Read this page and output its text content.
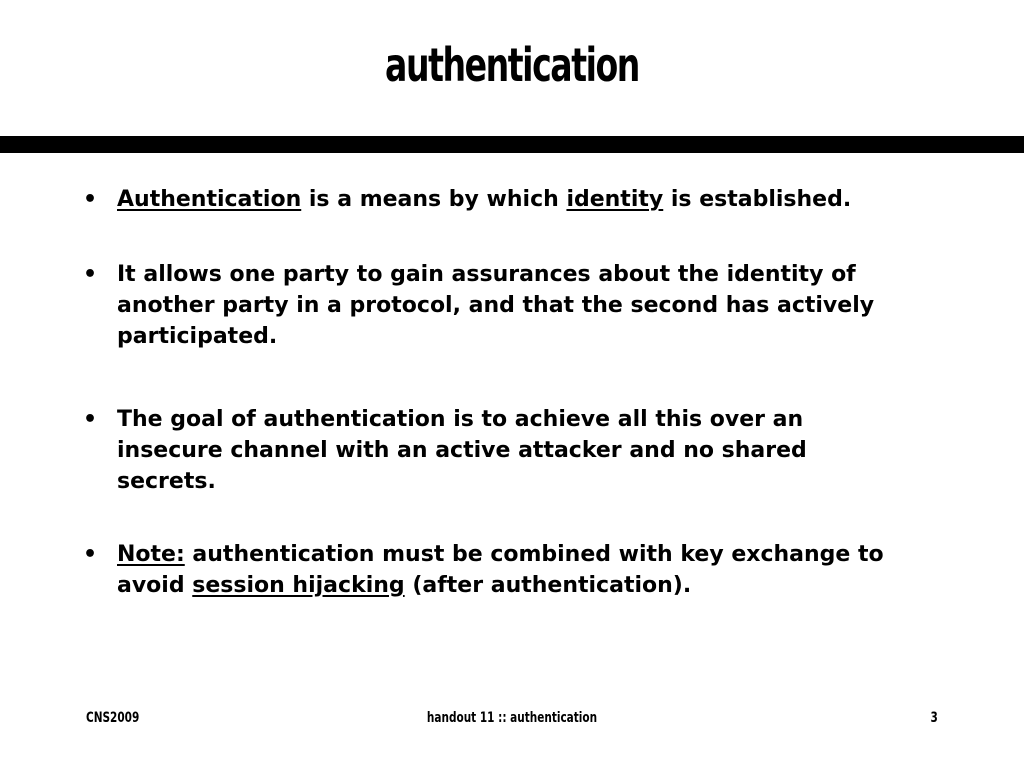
authentication
• Authentication is a means by which identity is established.
• It allows one party to gain assurances about the identity of another party in a protocol, and that the second has actively participated.
• The goal of authentication is to achieve all this over an insecure channel with an active attacker and no shared secrets.
• Note: authentication must be combined with key exchange to avoid session hijacking (after authentication).
CNS2009	handout 11 :: authentication	3
